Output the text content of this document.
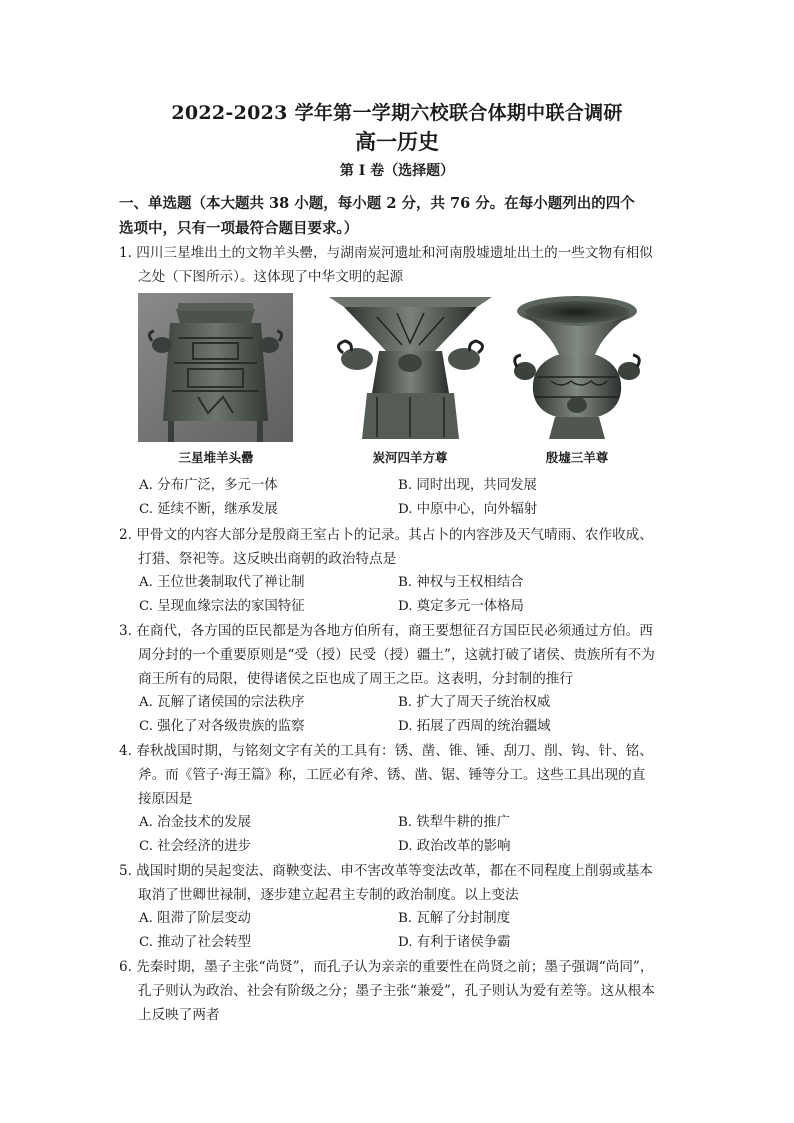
2022-2023 学年第一学期六校联合体期中联合调研
高一历史
第 I 卷（选择题）
一、单选题（本大题共 38 小题，每小题 2 分，共 76 分。在每小题列出的四个
选项中，只有一项最符合题目要求。）
1. 四川三星堆出土的文物羊头罍，与湖南炭河遗址和河南殷墟遗址出土的一些文物有相似
之处（下图所示）。这体现了中华文明的起源
三星堆羊头罍	炭河四羊方尊	殷墟三羊尊
A. 分布广泛，多元一体	B. 同时出现，共同发展
C. 延续不断，继承发展	D. 中原中心，向外辐射
2. 甲骨文的内容大部分是殷商王室占卜的记录。其占卜的内容涉及天气晴雨、农作收成、
打猎、祭祀等。这反映出商朝的政治特点是
A. 王位世袭制取代了禅让制	B. 神权与王权相结合
C. 呈现血缘宗法的家国特征	D. 奠定多元一体格局
3. 在商代，各方国的臣民都是为各地方伯所有，商王要想征召方国臣民必须通过方伯。西
周分封的一个重要原则是“受（授）民受（授）疆土”，这就打破了诸侯、贵族所有不为
商王所有的局限，使得诸侯之臣也成了周王之臣。这表明，分封制的推行
A. 瓦解了诸侯国的宗法秩序	B. 扩大了周天子统治权威
C. 强化了对各级贵族的监察	D. 拓展了西周的统治疆域
4. 春秋战国时期，与铭刻文字有关的工具有：锈、凿、锥、锤、刮刀、削、钩、针、铭、
斧。而《管子·海王篇》称，工匠必有斧、锈、凿、锯、锤等分工。这些工具出现的直
接原因是
A. 冶金技术的发展	B. 铁犁牛耕的推广
C. 社会经济的进步	D. 政治改革的影响
5. 战国时期的吴起变法、商鞅变法、申不害改革等变法改革，都在不同程度上削弱或基本
取消了世卿世禄制，逐步建立起君主专制的政治制度。以上变法
A. 阻滞了阶层变动	B. 瓦解了分封制度
C. 推动了社会转型	D. 有利于诸侯争霸
6. 先秦时期，墨子主张“尚贤”，而孔子认为亲亲的重要性在尚贤之前；墨子强调“尚同”，
孔子则认为政治、社会有阶级之分；墨子主张“兼爱”，孔子则认为爱有差等。这从根本
上反映了两者
